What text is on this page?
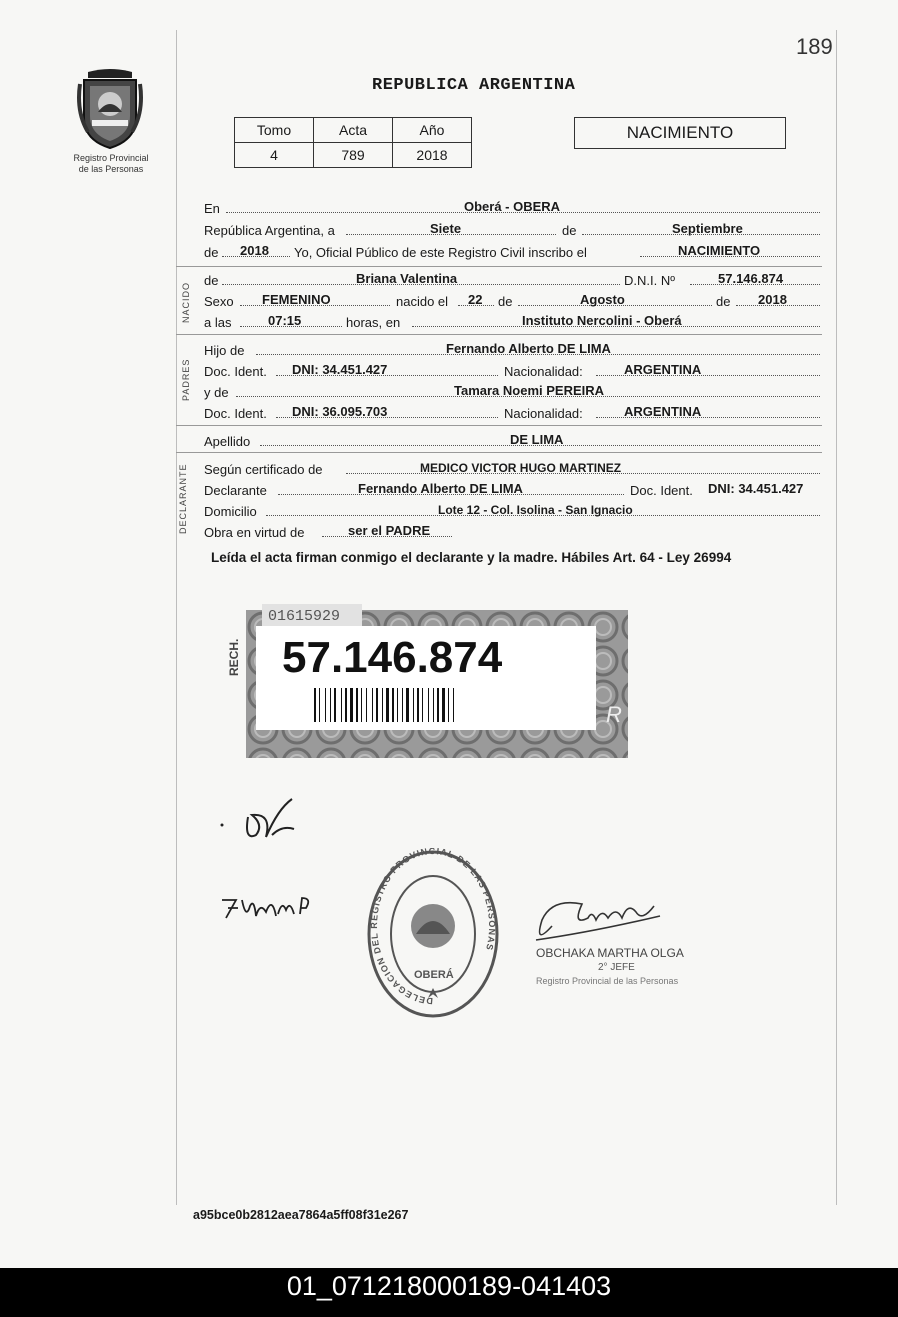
189
Registro Provincial
de las Personas
REPUBLICA ARGENTINA
Tomo	Acta	Año
4	789	2018
NACIMIENTO
En	Oberá - OBERA
República Argentina, a	Siete	de	Septiembre
de 2018 Yo, Oficial Público de este Registro Civil inscribo el	NACIMIENTO
NACIDO
de	Briana Valentina	D.N.I. Nº	57.146.874
Sexo FEMENINO	nacido el 22 de	Agosto	de 2018
a las	07:15	horas, en	Instituto Nercolini - Oberá
PADRES
Hijo de	Fernando Alberto DE LIMA
Doc. Ident. DNI: 34.451.427	Nacionalidad:	ARGENTINA
y de	Tamara Noemi PEREIRA
Doc. Ident. DNI: 36.095.703	Nacionalidad:	ARGENTINA
Apellido	DE LIMA
DECLARANTE Según certificado de	MEDICO VICTOR HUGO MARTINEZ
Declarante	Fernando Alberto DE LIMA	Doc. Ident. DNI: 34.451.427
Domicilio	Lote 12 - Col. Isolina - San Ignacio
Obra en virtud de	ser el PADRE
Leída el acta firman conmigo el declarante y la madre. Hábiles Art. 64 - Ley 26994
01615929
RECH. 57.146.874
R
DELEGACION DEL REGISTRO PROVINCIAL DE LAS PERSONAS
OBERÁ
OBCHAKA MARTHA OLGA
2° JEFE
Registro Provincial de las Personas
a95bce0b2812aea7864a5ff08f31e267
01_071218000189-041403
